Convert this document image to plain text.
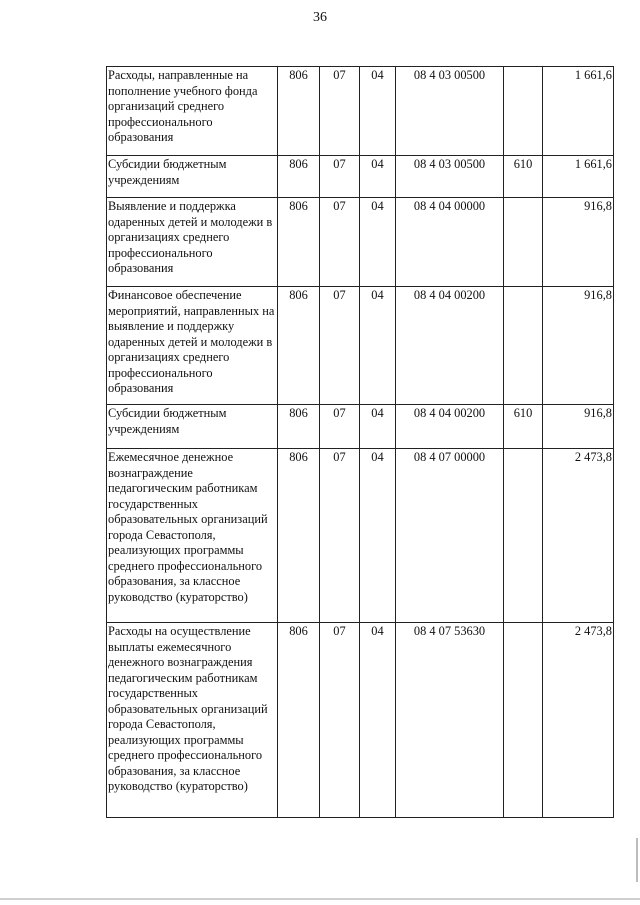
36
Расходы, направленные на пополнение учебного фонда организаций среднего профессионального образования	806	07	04	08 4 03 00500		1 661,6
Субсидии бюджетным учреждениям	806	07	04	08 4 03 00500	610	1 661,6
Выявление и поддержка одаренных детей и молодежи в организациях среднего профессионального образования	806	07	04	08 4 04 00000		916,8
Финансовое обеспечение мероприятий, направленных на выявление и поддержку одаренных детей и молодежи в организациях среднего профессионального образования	806	07	04	08 4 04 00200		916,8
Субсидии бюджетным учреждениям	806	07	04	08 4 04 00200	610	916,8
Ежемесячное денежное вознаграждение педагогическим работникам государственных образовательных организаций города Севастополя, реализующих программы среднего профессионального образования, за классное руководство (кураторство)	806	07	04	08 4 07 00000		2 473,8
Расходы на осуществление выплаты ежемесячного денежного вознаграждения педагогическим работникам государственных образовательных организаций города Севастополя, реализующих программы среднего профессионального образования, за классное руководство (кураторство)	806	07	04	08 4 07 53630		2 473,8
